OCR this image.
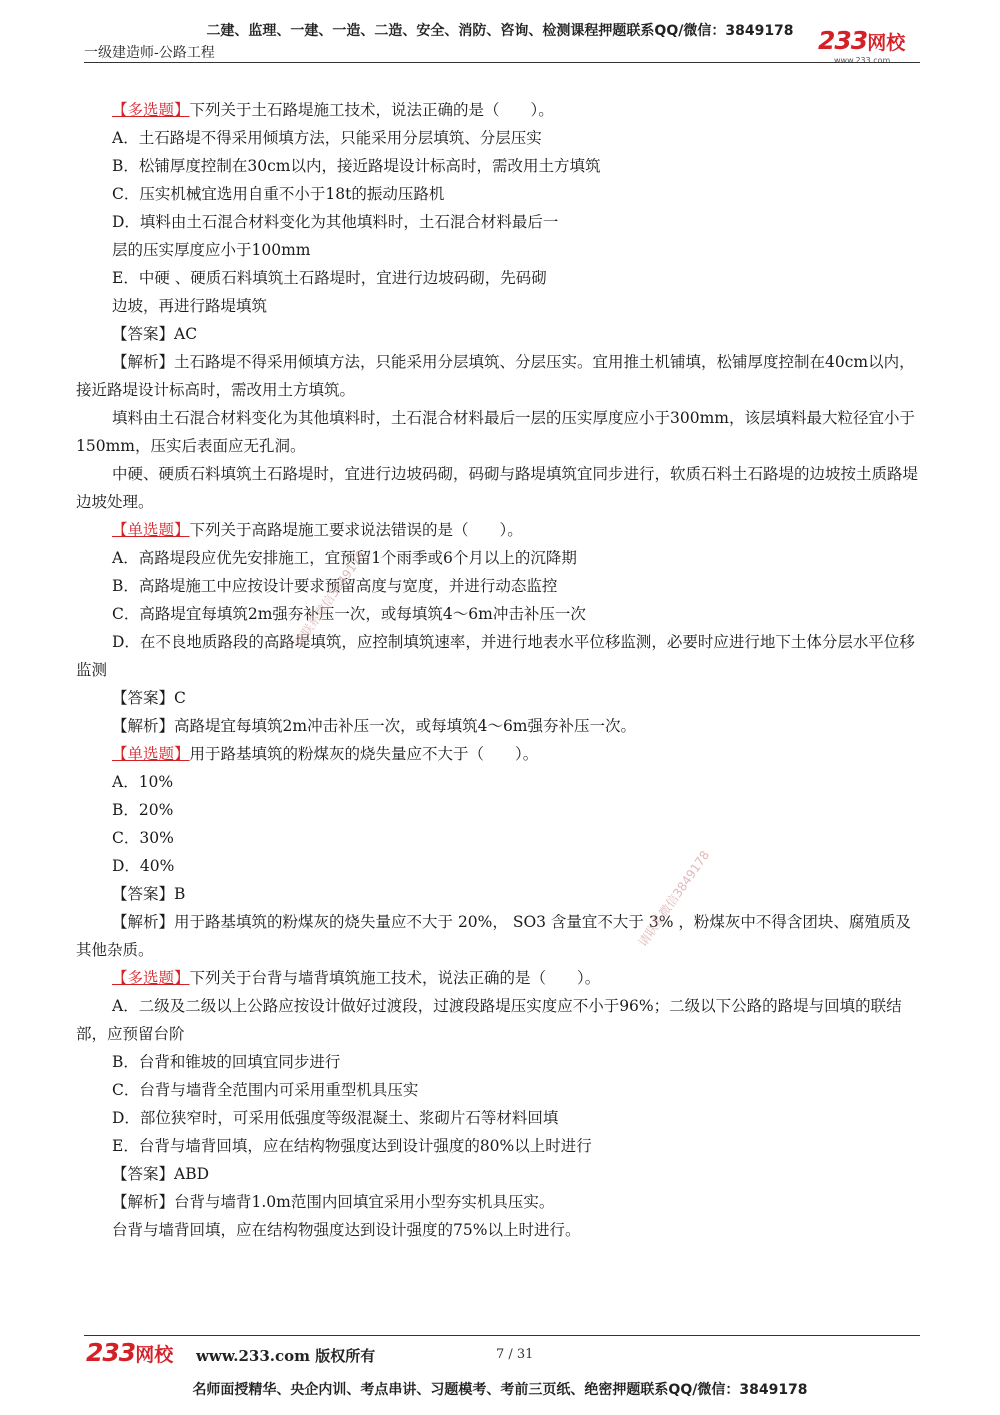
二建、监理、一建、一造、二造、安全、消防、咨询、检测课程押题联系QQ/微信：3849178
一级建造师-公路工程	233网校
www.233.com

【多选题】下列关于土石路堤施工技术，说法正确的是（　　）。

A．土石路堤不得采用倾填方法，只能采用分层填筑、分层压实

B．松铺厚度控制在30cm以内，接近路堤设计标高时，需改用土方填筑

C．压实机械宜选用自重不小于18t的振动压路机

D．填料由土石混合材料变化为其他填料时，土石混合材料最后一

层的压实厚度应小于100mm

E．中硬 、硬质石料填筑土石路堤时，宜进行边坡码砌，先码砌

边坡，再进行路堤填筑

【答案】AC

【解析】土石路堤不得采用倾填方法，只能采用分层填筑、分层压实。宜用推土机铺填，松铺厚度控制在40cm以内，接近路堤设计标高时，需改用土方填筑。

填料由土石混合材料变化为其他填料时，土石混合材料最后一层的压实厚度应小于300mm，该层填料最大粒径宜小于150mm，压实后表面应无孔洞。

中硬、硬质石料填筑土石路堤时，宜进行边坡码砌，码砌与路堤填筑宜同步进行，软质石料土石路堤的边坡按土质路堤边坡处理。

【单选题】下列关于高路堤施工要求说法错误的是（　　）。

A．高路堤段应优先安排施工，宜预留1个雨季或6个月以上的沉降期

B．高路堤施工中应按设计要求预留高度与宽度，并进行动态监控

C．高路堤宜每填筑2m强夯补压一次，或每填筑4～6m冲击补压一次

D．在不良地质路段的高路堤填筑，应控制填筑速率，并进行地表水平位移监测，必要时应进行地下土体分层水平位移监测

【答案】C

【解析】高路堤宜每填筑2m冲击补压一次，或每填筑4～6m强夯补压一次。

【单选题】用于路基填筑的粉煤灰的烧失量应不大于（　　）。

A．10%

B．20%

C．30%

D．40%

【答案】B

【解析】用于路基填筑的粉煤灰的烧失量应不大于 20%， SO3 含量宜不大于 3% ，粉煤灰中不得含团块、腐殖质及其他杂质。

【多选题】下列关于台背与墙背填筑施工技术，说法正确的是（　　）。

A．二级及二级以上公路应按设计做好过渡段，过渡段路堤压实度应不小于96%；二级以下公路的路堤与回填的联结部，应预留台阶

B．台背和锥坡的回填宜同步进行

C．台背与墙背全范围内可采用重型机具压实

D．部位狭窄时，可采用低强度等级混凝土、浆砌片石等材料回填

E．台背与墙背回填，应在结构物强度达到设计强度的80%以上时进行

【答案】ABD

【解析】台背与墙背1.0m范围内回填宜采用小型夯实机具压实。

台背与墙背回填，应在结构物强度达到设计强度的75%以上时进行。

请联系微信3849178
请联系微信3849178
233网校 www.233.com 版权所有	7 / 31
名师面授精华、央企内训、考点串讲、习题模考、考前三页纸、绝密押题联系QQ/微信：3849178
